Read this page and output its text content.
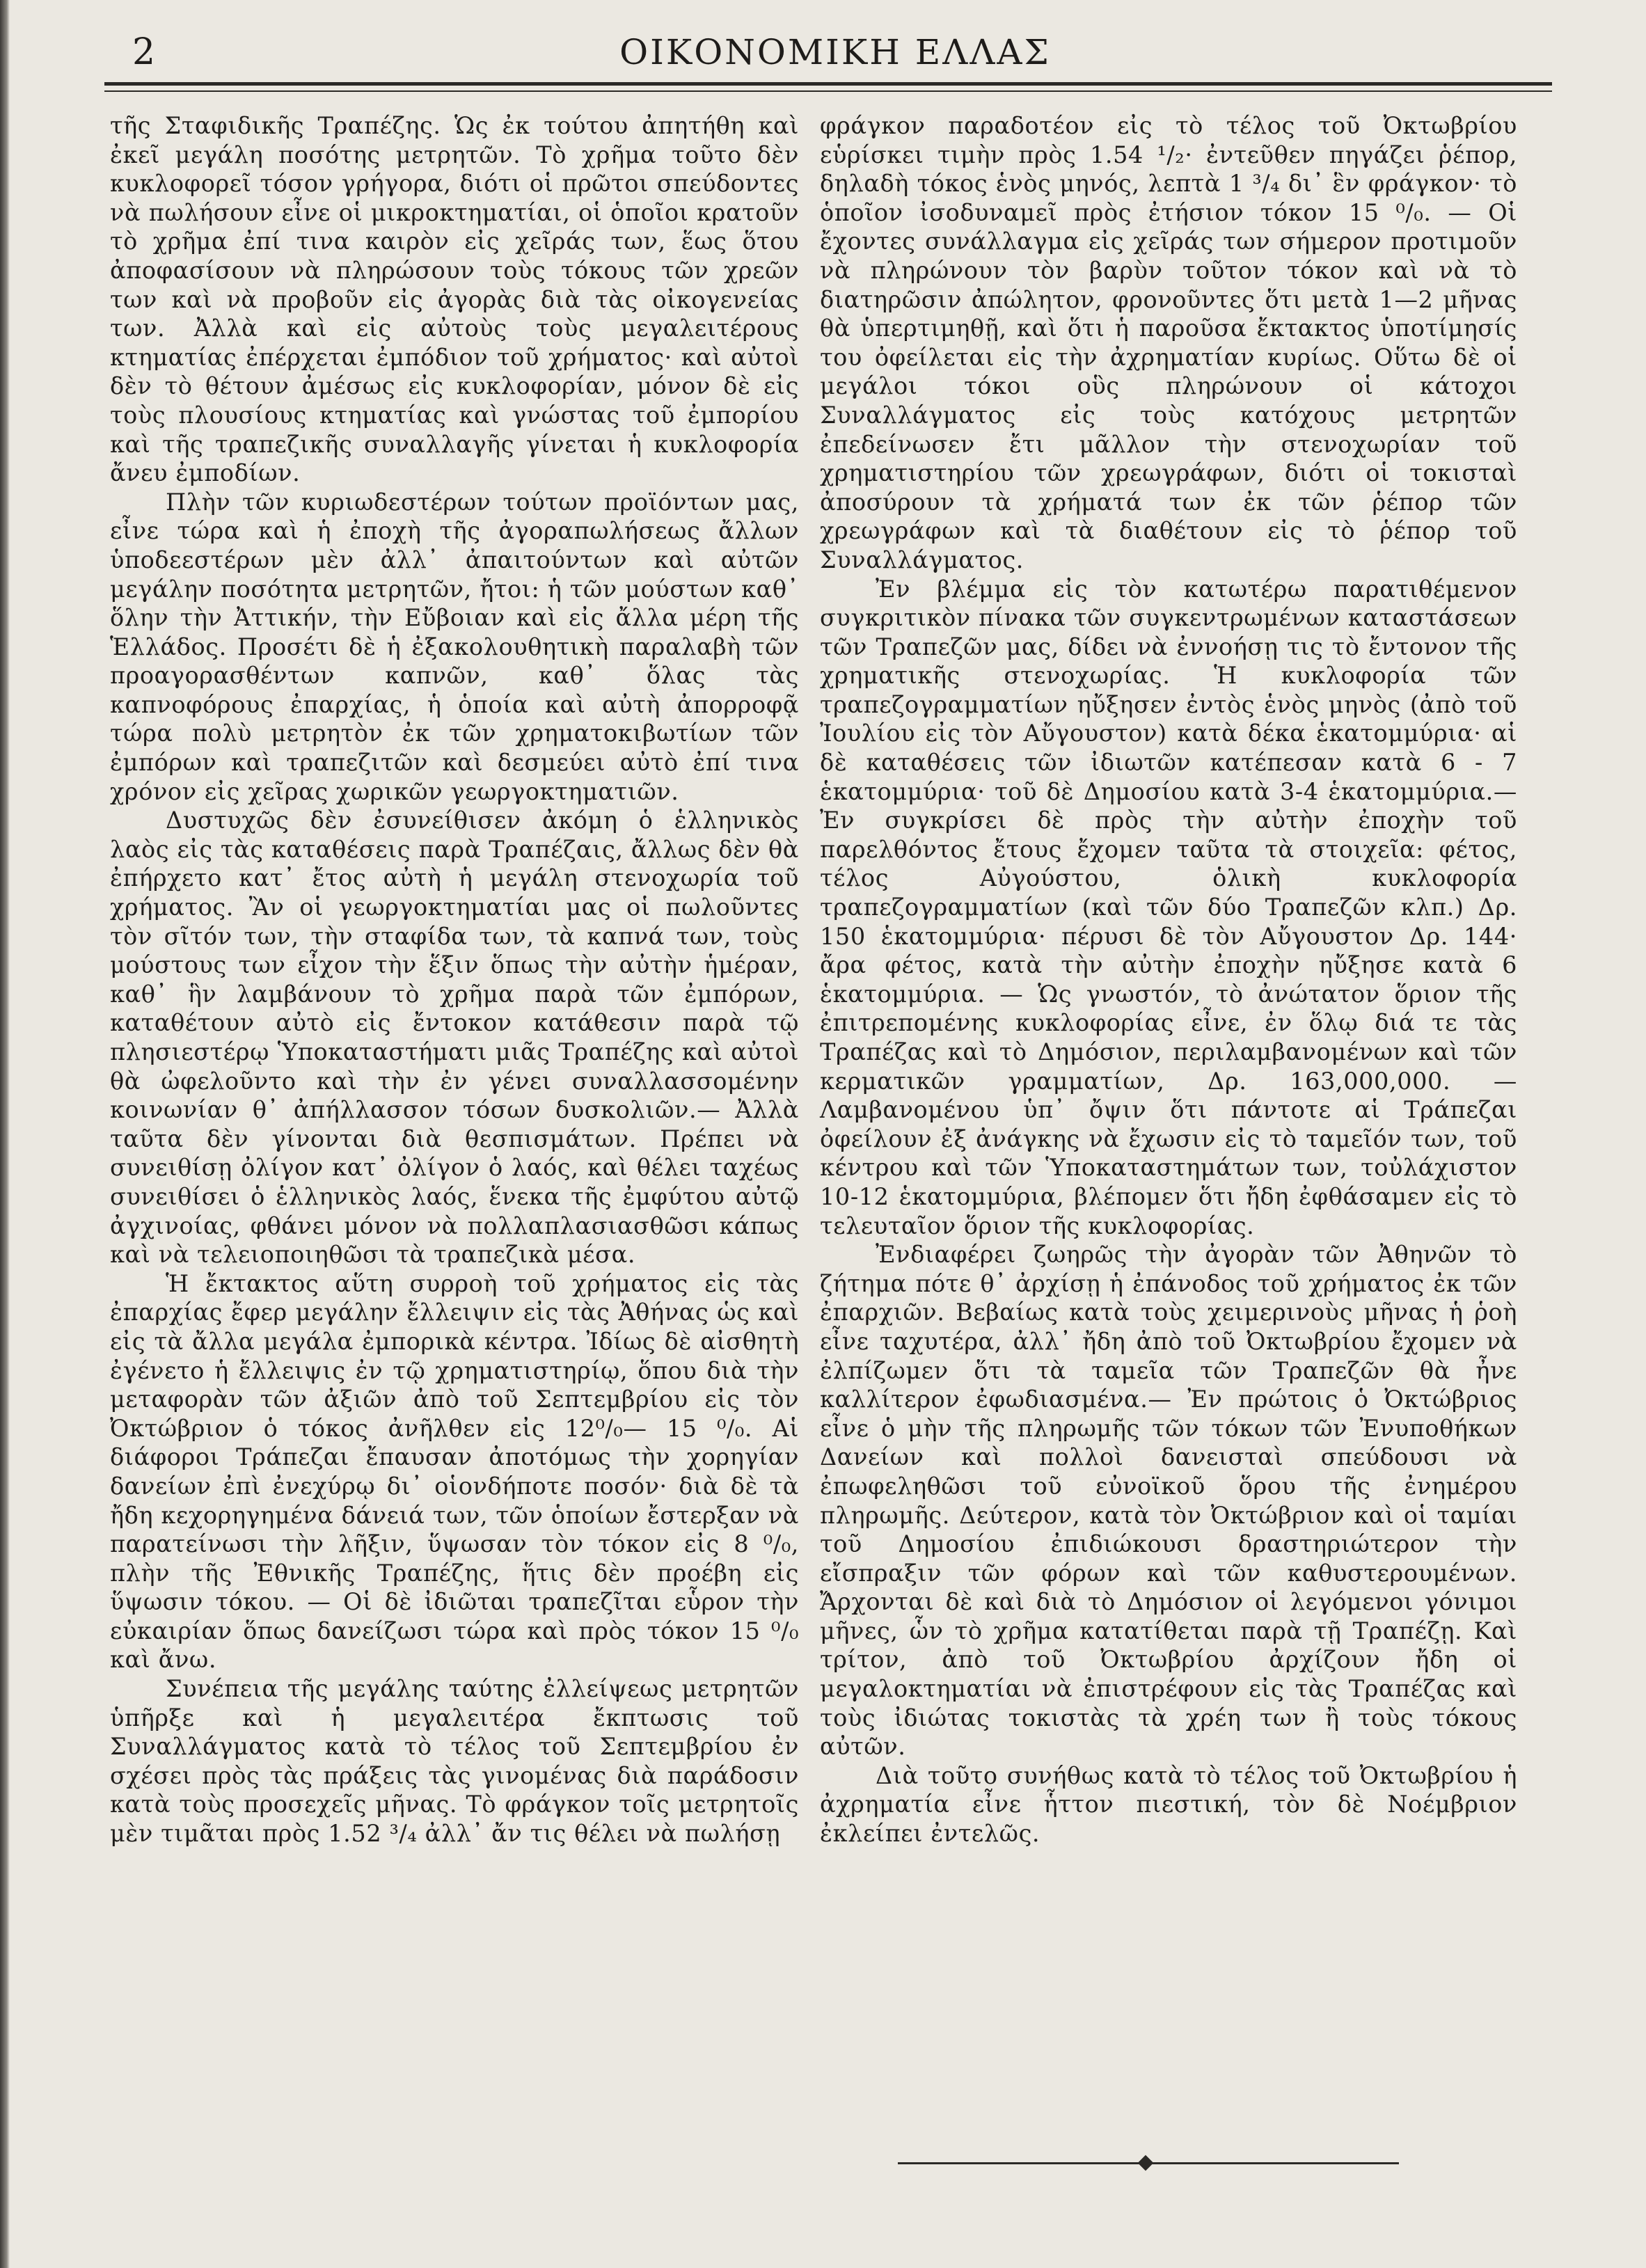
2	ΟΙΚΟΝΟΜΙΚΗ ΕΛΛΑΣ

τῆς Σταφιδικῆς Τραπέζης. Ὡς ἐκ τούτου ἀπητήθη καὶ ἐκεῖ μεγάλη ποσότης μετρητῶν. Τὸ χρῆμα τοῦτο δὲν κυκλοφορεῖ τόσον γρήγορα, διότι οἱ πρῶτοι σπεύδοντες νὰ πωλήσουν εἶνε οἱ μικροκτηματίαι, οἱ ὁποῖοι κρατοῦν τὸ χρῆμα ἐπί τινα καιρὸν εἰς χεῖράς των, ἕως ὅτου ἀποφασίσουν νὰ πληρώσουν τοὺς τόκους τῶν χρεῶν των καὶ νὰ προβοῦν εἰς ἀγορὰς διὰ τὰς οἰκογενείας των. Ἀλλὰ καὶ εἰς αὐτοὺς τοὺς μεγαλειτέρους κτηματίας ἐπέρχεται ἐμπόδιον τοῦ χρήματος· καὶ αὐτοὶ δὲν τὸ θέτουν ἀμέσως εἰς κυκλοφορίαν, μόνον δὲ εἰς τοὺς πλουσίους κτηματίας καὶ γνώστας τοῦ ἐμπορίου καὶ τῆς τραπεζικῆς συναλλαγῆς γίνεται ἡ κυκλοφορία ἄνευ ἐμποδίων.

Πλὴν τῶν κυριωδεστέρων τούτων προϊόντων μας, εἶνε τώρα καὶ ἡ ἐποχὴ τῆς ἀγοραπωλήσεως ἄλλων ὑποδεεστέρων μὲν ἀλλ᾽ ἀπαιτούντων καὶ αὐτῶν μεγάλην ποσότητα μετρητῶν, ἤτοι: ἡ τῶν μούστων καθ᾽ ὅλην τὴν Ἀττικήν, τὴν Εὔβοιαν καὶ εἰς ἄλλα μέρη τῆς Ἑλλάδος. Προσέτι δὲ ἡ ἐξακολουθητικὴ παραλαβὴ τῶν προαγορασθέντων καπνῶν, καθ᾽ ὅλας τὰς καπνοφόρους ἐπαρχίας, ἡ ὁποία καὶ αὐτὴ ἀπορροφᾷ τώρα πολὺ μετρητὸν ἐκ τῶν χρηματοκιβωτίων τῶν ἐμπόρων καὶ τραπεζιτῶν καὶ δεσμεύει αὐτὸ ἐπί τινα χρόνον εἰς χεῖρας χωρικῶν γεωργοκτηματιῶν.

Δυστυχῶς δὲν ἐσυνείθισεν ἀκόμη ὁ ἑλληνικὸς λαὸς εἰς τὰς καταθέσεις παρὰ Τραπέζαις, ἄλλως δὲν θὰ ἐπήρχετο κατ᾽ ἔτος αὐτὴ ἡ μεγάλη στενοχωρία τοῦ χρήματος. Ἂν οἱ γεωργοκτηματίαι μας οἱ πωλοῦντες τὸν σῖτόν των, τὴν σταφίδα των, τὰ καπνά των, τοὺς μούστους των εἶχον τὴν ἕξιν ὅπως τὴν αὐτὴν ἡμέραν, καθ᾽ ἣν λαμβάνουν τὸ χρῆμα παρὰ τῶν ἐμπόρων, καταθέτουν αὐτὸ εἰς ἔντοκον κατάθεσιν παρὰ τῷ πλησιεστέρῳ Ὑποκαταστήματι μιᾶς Τραπέζης καὶ αὐτοὶ θὰ ὠφελοῦντο καὶ τὴν ἐν γένει συναλλασσομένην κοινωνίαν θ᾽ ἀπήλλασσον τόσων δυσκολιῶν.— Ἀλλὰ ταῦτα δὲν γίνονται διὰ θεσπισμάτων. Πρέπει νὰ συνειθίσῃ ὀλίγον κατ᾽ ὀλίγον ὁ λαός, καὶ θέλει ταχέως συνειθίσει ὁ ἑλληνικὸς λαός, ἕνεκα τῆς ἐμφύτου αὐτῷ ἀγχινοίας, φθάνει μόνον νὰ πολλαπλασιασθῶσι κάπως καὶ νὰ τελειοποιηθῶσι τὰ τραπεζικὰ μέσα.

Ἡ ἔκτακτος αὕτη συρροὴ τοῦ χρήματος εἰς τὰς ἐπαρχίας ἔφερ μεγάλην ἔλλειψιν εἰς τὰς Ἀθήνας ὡς καὶ εἰς τὰ ἄλλα μεγάλα ἐμπορικὰ κέντρα. Ἰδίως δὲ αἰσθητὴ ἐγένετο ἡ ἔλλειψις ἐν τῷ χρηματιστηρίῳ, ὅπου διὰ τὴν μεταφορὰν τῶν ἀξιῶν ἀπὸ τοῦ Σεπτεμβρίου εἰς τὸν Ὀκτώβριον ὁ τόκος ἀνῆλθεν εἰς 12⁰/₀— 15 ⁰/₀. Αἱ διάφοροι Τράπεζαι ἔπαυσαν ἀποτόμως τὴν χορηγίαν δανείων ἐπὶ ἐνεχύρῳ δι᾽ οἱονδήποτε ποσόν· διὰ δὲ τὰ ἤδη κεχορηγημένα δάνειά των, τῶν ὁποίων ἔστερξαν νὰ παρατείνωσι τὴν λῆξιν, ὕψωσαν τὸν τόκον εἰς 8 ⁰/₀, πλὴν τῆς Ἐθνικῆς Τραπέζης, ἥτις δὲν προέβη εἰς ὕψωσιν τόκου. — Οἱ δὲ ἰδιῶται τραπεζῖται εὗρον τὴν εὐκαιρίαν ὅπως δανείζωσι τώρα καὶ πρὸς τόκον 15 ⁰/₀ καὶ ἄνω.

Συνέπεια τῆς μεγάλης ταύτης ἐλλείψεως μετρητῶν ὑπῆρξε καὶ ἡ μεγαλειτέρα ἔκπτωσις τοῦ Συναλλάγματος κατὰ τὸ τέλος τοῦ Σεπτεμβρίου ἐν σχέσει πρὸς τὰς πράξεις τὰς γινομένας διὰ παράδοσιν κατὰ τοὺς προσεχεῖς μῆνας. Τὸ φράγκον τοῖς μετρητοῖς μὲν τιμᾶται πρὸς 1.52 ³/₄ ἀλλ᾽ ἄν τις θέλει νὰ πωλήσῃ

φράγκον παραδοτέον εἰς τὸ τέλος τοῦ Ὀκτωβρίου εὑρίσκει τιμὴν πρὸς 1.54 ¹/₂· ἐντεῦθεν πηγάζει ῥέπορ, δηλαδὴ τόκος ἑνὸς μηνός, λεπτὰ 1 ³/₄ δι᾽ ἓν φράγκον· τὸ ὁποῖον ἰσοδυναμεῖ πρὸς ἐτήσιον τόκον 15 ⁰/₀. — Οἱ ἔχοντες συνάλλαγμα εἰς χεῖράς των σήμερον προτιμοῦν νὰ πληρώνουν τὸν βαρὺν τοῦτον τόκον καὶ νὰ τὸ διατηρῶσιν ἀπώλητον, φρονοῦντες ὅτι μετὰ 1—2 μῆνας θὰ ὑπερτιμηθῇ, καὶ ὅτι ἡ παροῦσα ἔκτακτος ὑποτίμησίς του ὀφείλεται εἰς τὴν ἀχρηματίαν κυρίως. Οὕτω δὲ οἱ μεγάλοι τόκοι οὓς πληρώνουν οἱ κάτοχοι Συναλλάγματος εἰς τοὺς κατόχους μετρητῶν ἐπεδείνωσεν ἔτι μᾶλλον τὴν στενοχωρίαν τοῦ χρηματιστηρίου τῶν χρεωγράφων, διότι οἱ τοκισταὶ ἀποσύρουν τὰ χρήματά των ἐκ τῶν ῥέπορ τῶν χρεωγράφων καὶ τὰ διαθέτουν εἰς τὸ ῥέπορ τοῦ Συναλλάγματος.

Ἐν βλέμμα εἰς τὸν κατωτέρω παρατιθέμενον συγκριτικὸν πίνακα τῶν συγκεντρωμένων καταστάσεων τῶν Τραπεζῶν μας, δίδει νὰ ἐννοήσῃ τις τὸ ἔντονον τῆς χρηματικῆς στενοχωρίας. Ἡ κυκλοφορία τῶν τραπεζογραμματίων ηὔξησεν ἐντὸς ἑνὸς μηνὸς (ἀπὸ τοῦ Ἰουλίου εἰς τὸν Αὔγουστον) κατὰ δέκα ἑκατομμύρια· αἱ δὲ καταθέσεις τῶν ἰδιωτῶν κατέπεσαν κατὰ 6 - 7 ἑκατομμύρια· τοῦ δὲ Δημοσίου κατὰ 3-4 ἑκατομμύρια.— Ἐν συγκρίσει δὲ πρὸς τὴν αὐτὴν ἐποχὴν τοῦ παρελθόντος ἔτους ἔχομεν ταῦτα τὰ στοιχεῖα: φέτος, τέλος Αὐγούστου, ὁλικὴ κυκλοφορία τραπεζογραμματίων (καὶ τῶν δύο Τραπεζῶν κλπ.) Δρ. 150 ἑκατομμύρια· πέρυσι δὲ τὸν Αὔγουστον Δρ. 144· ἄρα φέτος, κατὰ τὴν αὐτὴν ἐποχὴν ηὔξησε κατὰ 6 ἑκατομμύρια. — Ὡς γνωστόν, τὸ ἀνώτατον ὅριον τῆς ἐπιτρεπομένης κυκλοφορίας εἶνε, ἐν ὅλῳ διά τε τὰς Τραπέζας καὶ τὸ Δημόσιον, περιλαμβανομένων καὶ τῶν κερματικῶν γραμματίων, Δρ. 163,000,000. — Λαμβανομένου ὑπ᾽ ὄψιν ὅτι πάντοτε αἱ Τράπεζαι ὀφείλουν ἐξ ἀνάγκης νὰ ἔχωσιν εἰς τὸ ταμεῖόν των, τοῦ κέντρου καὶ τῶν Ὑποκαταστημάτων των, τοὐλάχιστον 10-12 ἑκατομμύρια, βλέπομεν ὅτι ἤδη ἐφθάσαμεν εἰς τὸ τελευταῖον ὅριον τῆς κυκλοφορίας.

Ἐνδιαφέρει ζωηρῶς τὴν ἀγορὰν τῶν Ἀθηνῶν τὸ ζήτημα πότε θ᾽ ἀρχίσῃ ἡ ἐπάνοδος τοῦ χρήματος ἐκ τῶν ἐπαρχιῶν. Βεβαίως κατὰ τοὺς χειμερινοὺς μῆνας ἡ ῥοὴ εἶνε ταχυτέρα, ἀλλ᾽ ἤδη ἀπὸ τοῦ Ὀκτωβρίου ἔχομεν νὰ ἐλπίζωμεν ὅτι τὰ ταμεῖα τῶν Τραπεζῶν θὰ ἦνε καλλίτερον ἐφωδιασμένα.— Ἐν πρώτοις ὁ Ὀκτώβριος εἶνε ὁ μὴν τῆς πληρωμῆς τῶν τόκων τῶν Ἐνυποθήκων Δανείων καὶ πολλοὶ δανεισταὶ σπεύδουσι νὰ ἐπωφεληθῶσι τοῦ εὐνοϊκοῦ ὅρου τῆς ἐνημέρου πληρωμῆς. Δεύτερον, κατὰ τὸν Ὀκτώβριον καὶ οἱ ταμίαι τοῦ Δημοσίου ἐπιδιώκουσι δραστηριώτερον τὴν εἴσπραξιν τῶν φόρων καὶ τῶν καθυστερουμένων. Ἄρχονται δὲ καὶ διὰ τὸ Δημόσιον οἱ λεγόμενοι γόνιμοι μῆνες, ὧν τὸ χρῆμα κατατίθεται παρὰ τῇ Τραπέζῃ. Καὶ τρίτον, ἀπὸ τοῦ Ὀκτωβρίου ἀρχίζουν ἤδη οἱ μεγαλοκτηματίαι νὰ ἐπιστρέφουν εἰς τὰς Τραπέζας καὶ τοὺς ἰδιώτας τοκιστὰς τὰ χρέη των ἢ τοὺς τόκους αὐτῶν.

Διὰ τοῦτο συνήθως κατὰ τὸ τέλος τοῦ Ὀκτωβρίου ἡ ἀχρηματία εἶνε ἧττον πιεστική, τὸν δὲ Νοέμβριον ἐκλείπει ἐντελῶς.
